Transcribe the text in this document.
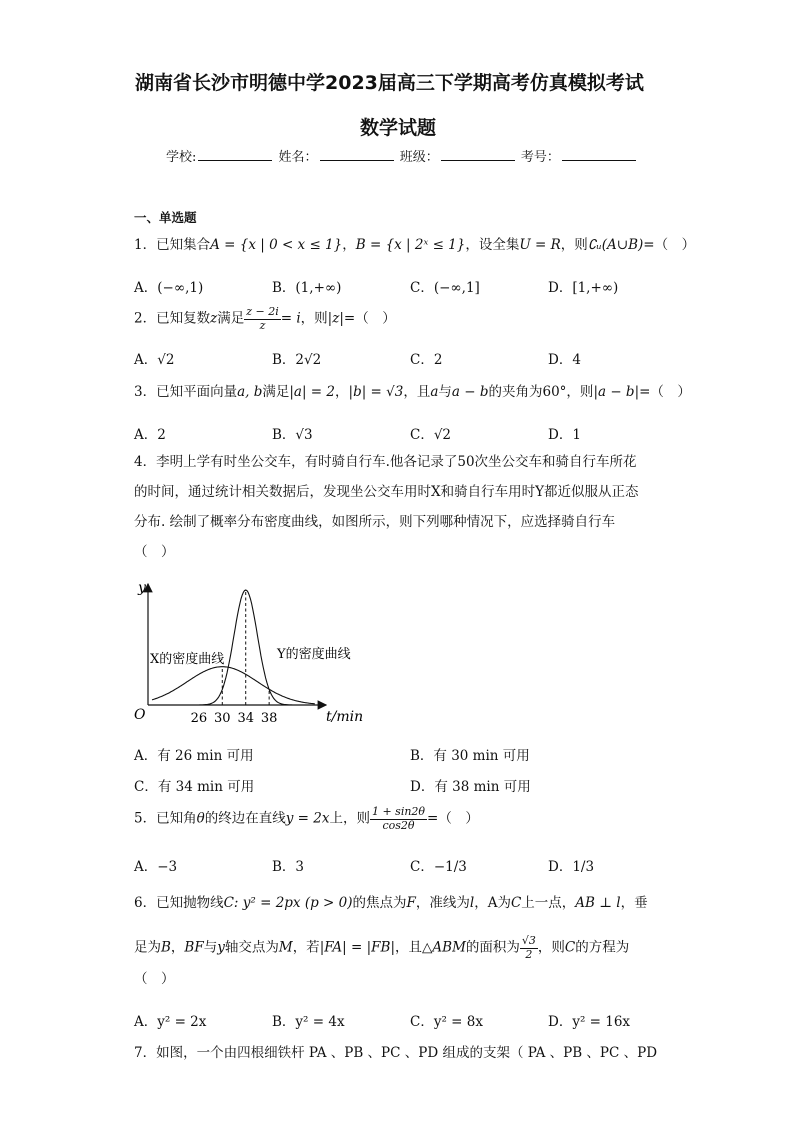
湖南省长沙市明德中学2023届高三下学期高考仿真模拟考试
数学试题
学校:	姓名：	班级：	考号：
一、单选题
1．已知集合A = {x | 0 < x ≤ 1}，B = {x | 2ˣ ≤ 1}，设全集U = R，则∁ᵤ(A∪B)=（　）
A．(−∞,1)	B．(1,+∞)	C．(−∞,1]	D．[1,+∞)
2．已知复数z满足 $\frac{z - 2i}{z} = i$，则|z|=（　）
A．√2	B．2√2	C．2	D．4
3．已知平面向量a, b满足|a| = 2，|b| = √3，且a与a − b的夹角为60°，则|a − b|=（　）
A．2	B．√3	C．√2	D．1
4．李明上学有时坐公交车，有时骑自行车.他各记录了50次坐公交车和骑自行车所花
的时间，通过统计相关数据后，发现坐公交车用时X和骑自行车用时Y都近似服从正态
分布. 绘制了概率分布密度曲线，如图所示，则下列哪种情况下，应选择骑自行车
（　）
O
y
t/min
26 30 34 38
X的密度曲线	Y的密度曲线
A．有 26 min 可用	B．有 30 min 可用
C．有 34 min 可用	D．有 38 min 可用
5．已知角θ的终边在直线y = 2x上，则 $\frac{1 + \sin 2\theta}{\cos 2\theta}$ =（　）
A．−3	B．3	C．−1/3	D．1/3
6．已知抛物线C: y² = 2px (p > 0)的焦点为F，准线为l，A为C上一点，AB ⊥ l，垂
足为B，BF与y轴交点为M，若|FA| = |FB|，且△ABM的面积为 $\frac{√3}{2}$ ，则C的方程为
（　）
A．y² = 2x	B．y² = 4x	C．y² = 8x	D．y² = 16x
7．如图，一个由四根细铁杆 PA 、PB 、PC 、PD 组成的支架（ PA 、PB 、PC 、PD
